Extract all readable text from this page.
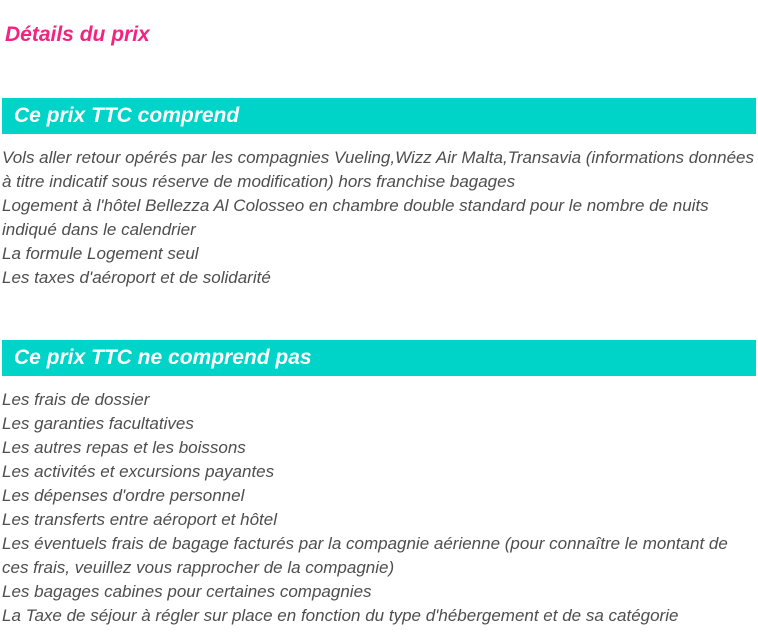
Détails du prix
Ce prix TTC comprend
Vols aller retour opérés par les compagnies Vueling,Wizz Air Malta,Transavia (informations données à titre indicatif sous réserve de modification) hors franchise bagages
Logement à l'hôtel Bellezza Al Colosseo en chambre double standard pour le nombre de nuits indiqué dans le calendrier
La formule Logement seul
Les taxes d'aéroport et de solidarité
Ce prix TTC ne comprend pas
Les frais de dossier
Les garanties facultatives
Les autres repas et les boissons
Les activités et excursions payantes
Les dépenses d'ordre personnel
Les transferts entre aéroport et hôtel
Les éventuels frais de bagage facturés par la compagnie aérienne (pour connaître le montant de ces frais, veuillez vous rapprocher de la compagnie)
Les bagages cabines pour certaines compagnies
La Taxe de séjour à régler sur place en fonction du type d'hébergement et de sa catégorie
